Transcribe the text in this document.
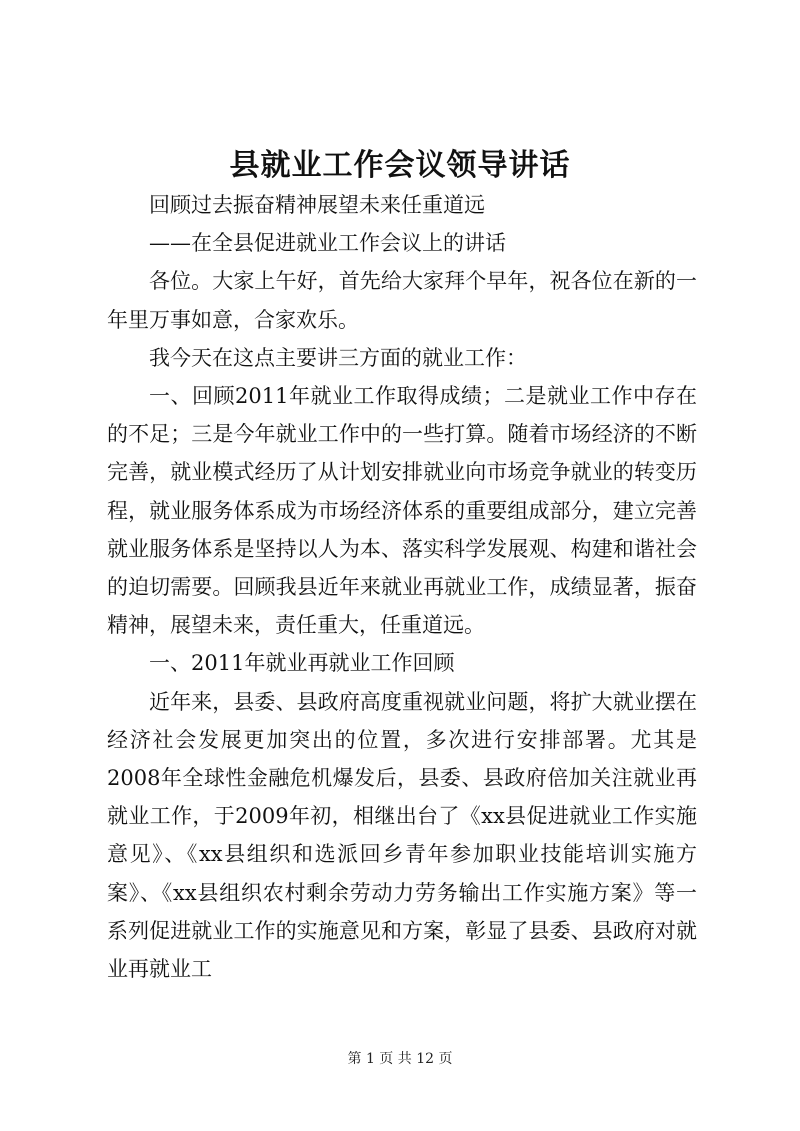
县就业工作会议领导讲话

回顾过去振奋精神展望未来任重道远

——在全县促进就业工作会议上的讲话

各位。大家上午好，首先给大家拜个早年，祝各位在新的一年里万事如意，合家欢乐。

我今天在这点主要讲三方面的就业工作：

一、回顾2011年就业工作取得成绩；二是就业工作中存在的不足；三是今年就业工作中的一些打算。随着市场经济的不断完善，就业模式经历了从计划安排就业向市场竞争就业的转变历程，就业服务体系成为市场经济体系的重要组成部分，建立完善就业服务体系是坚持以人为本、落实科学发展观、构建和谐社会的迫切需要。回顾我县近年来就业再就业工作，成绩显著，振奋精神，展望未来，责任重大，任重道远。

一、2011年就业再就业工作回顾

近年来，县委、县政府高度重视就业问题，将扩大就业摆在经济社会发展更加突出的位置，多次进行安排部署。尤其是2008年全球性金融危机爆发后，县委、县政府倍加关注就业再就业工作，于2009年初，相继出台了《xx县促进就业工作实施意见》、《xx县组织和选派回乡青年参加职业技能培训实施方案》、《xx县组织农村剩余劳动力劳务输出工作实施方案》等一系列促进就业工作的实施意见和方案，彰显了县委、县政府对就业再就业工

第 1 页 共 12 页
